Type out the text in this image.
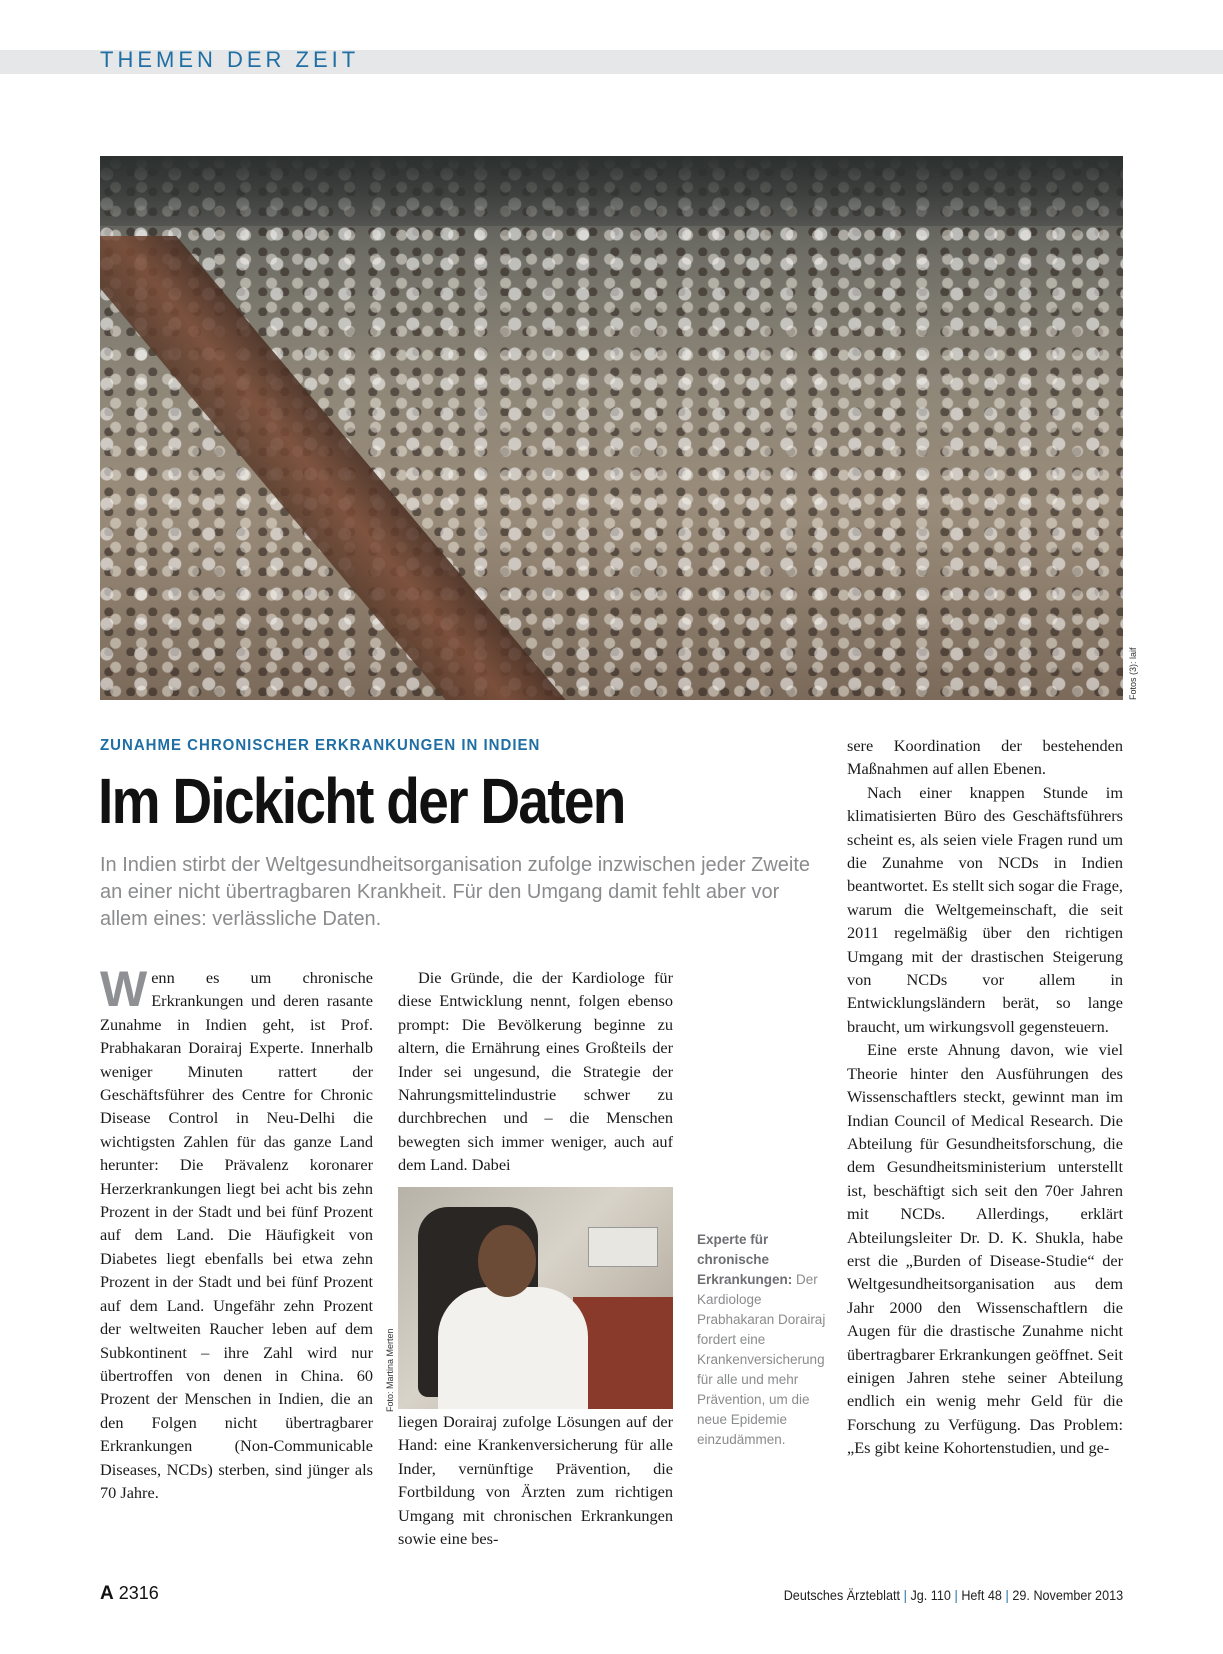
THEMEN DER ZEIT
Fotos (3): laif
ZUNAHME CHRONISCHER ERKRANKUNGEN IN INDIEN
Im Dickicht der Daten

In Indien stirbt der Weltgesundheitsorganisation zufolge inzwischen jeder Zweite an einer nicht übertragbaren Krankheit. Für den Umgang damit fehlt aber vor allem eines: verlässliche Daten.

W enn es um chronische Erkrankungen und deren rasante Zunahme in Indien geht, ist Prof. Prabhakaran Dorairaj Experte. Innerhalb weniger Minuten rattert der Geschäftsführer des Centre for Chronic Disease Control in Neu-Delhi die wichtigsten Zahlen für das ganze Land herunter: Die Prävalenz koronarer Herzerkrankungen liegt bei acht bis zehn Prozent in der Stadt und bei fünf Prozent auf dem Land. Die Häufigkeit von Diabetes liegt ebenfalls bei etwa zehn Prozent in der Stadt und bei fünf Prozent auf dem Land. Ungefähr zehn Prozent der weltweiten Raucher leben auf dem Subkontinent – ihre Zahl wird nur übertroffen von denen in China. 60 Prozent der Menschen in Indien, die an den Folgen nicht übertragbarer Erkrankungen (Non-Communicable Diseases, NCDs) sterben, sind jünger als 70 Jahre.

Die Gründe, die der Kardiologe für diese Entwicklung nennt, folgen ebenso prompt: Die Bevölkerung beginne zu altern, die Ernährung eines Großteils der Inder sei ungesund, die Strategie der Nahrungsmittelindustrie schwer zu durchbrechen und – die Menschen bewegten sich immer weniger, auch auf dem Land. Dabei

Foto: Martina Merten
Experte für chronische Erkrankungen: Der Kardiologe Prabhakaran Dorairaj fordert eine Krankenversicherung für alle und mehr Prävention, um die neue Epidemie einzudämmen.

liegen Dorairaj zufolge Lösungen auf der Hand: eine Krankenversicherung für alle Inder, vernünftige Prävention, die Fortbildung von Ärzten zum richtigen Umgang mit chronischen Erkrankungen sowie eine bes-

sere Koordination der bestehenden Maßnahmen auf allen Ebenen.

Nach einer knappen Stunde im klimatisierten Büro des Geschäftsführers scheint es, als seien viele Fragen rund um die Zunahme von NCDs in Indien beantwortet. Es stellt sich sogar die Frage, warum die Weltgemeinschaft, die seit 2011 regelmäßig über den richtigen Umgang mit der drastischen Steigerung von NCDs vor allem in Entwicklungsländern berät, so lange braucht, um wirkungsvoll gegensteuern.

Eine erste Ahnung davon, wie viel Theorie hinter den Ausführungen des Wissenschaftlers steckt, gewinnt man im Indian Council of Medical Research. Die Abteilung für Gesundheitsforschung, die dem Gesundheitsministerium unterstellt ist, beschäftigt sich seit den 70er Jahren mit NCDs. Allerdings, erklärt Abteilungsleiter Dr. D. K. Shukla, habe erst die „Burden of Disease-Studie“ der Weltgesundheitsorganisation aus dem Jahr 2000 den Wissenschaftlern die Augen für die drastische Zunahme nicht übertragbarer Erkrankungen geöffnet. Seit einigen Jahren stehe seiner Abteilung endlich ein wenig mehr Geld für die Forschung zu Verfügung. Das Problem: „Es gibt keine Kohortenstudien, und ge-

A 2316	Deutsches Ärzteblatt | Jg. 110 | Heft 48 | 29. November 2013
